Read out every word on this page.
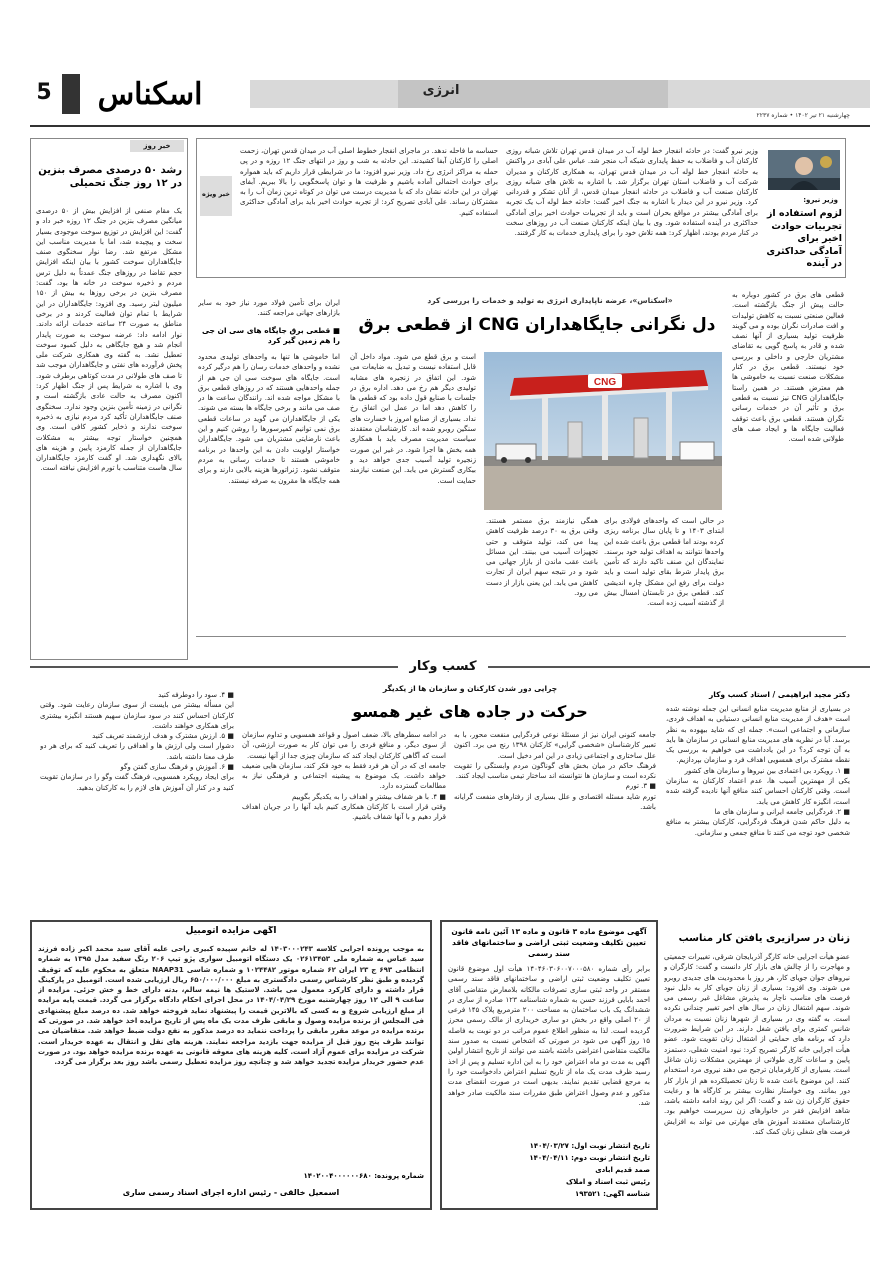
انرژی
اسکناس
5
چهارشنبه ۲۱ تیر ۱۴۰۲ • شماره ۲۲۳۷
خبر روز
رشد ۵۰ درصدی مصرف بنزین در ۱۲ روز جنگ تحمیلی
یک مقام صنفی از افزایش بیش از ۵۰ درصدی میانگین مصرف بنزین در جنگ ۱۲ روزه خبر داد و گفت: این افزایش در توزیع سوخت موجودی بسیار سخت و پیچیده شد، اما با مدیریت مناسب این مشکل مرتفع شد. رضا نوار سخنگوی صنف جایگاهداران سوخت کشور با بیان اینکه افزایش حجم تقاضا در روزهای جنگ عمدتاً به دلیل ترس مردم و ذخیره سوخت در خانه ها بود، گفت: مصرف بنزین در برخی روزها به بیش از ۱۵۰ میلیون لیتر رسید. وی افزود: جایگاهداران در این شرایط با تمام توان فعالیت کردند و در برخی مناطق به صورت ۲۴ ساعته خدمات ارائه دادند. نوار ادامه داد: عرضه سوخت به صورت پایدار انجام شد و هیچ جایگاهی به دلیل کمبود سوخت تعطیل نشد. به گفته وی همکاری شرکت ملی پخش فرآورده های نفتی و جایگاهداران موجب شد تا صف های طولانی در مدت کوتاهی برطرف شود. وی با اشاره به شرایط پس از جنگ اظهار کرد: اکنون مصرف به حالت عادی بازگشته است و نگرانی در زمینه تأمین بنزین وجود ندارد. سخنگوی صنف جایگاهداران تأکید کرد مردم نیازی به ذخیره سوخت ندارند و ذخایر کشور کافی است. وی همچنین خواستار توجه بیشتر به مشکلات جایگاهداران از جمله کارمزد پایین و هزینه های بالای نگهداری شد. او گفت کارمزد جایگاهداران سال هاست متناسب با تورم افزایش نیافته است.
وزیر نیرو:
لزوم استفاده از تجربیات حوادث اخیر برای آمادگی حداکثری در آینده
وزیر نیرو گفت: در حادثه انفجار خط لوله آب در میدان قدس تهران تلاش شبانه روزی کارکنان آب و فاضلاب به حفظ پایداری شبکه آب منجر شد. عباس علی آبادی در واکنش به حادثه انفجار خط لوله آب در میدان قدس تهران، به همکاری کارکنان و مدیران شرکت آب و فاضلاب استان تهران برگزار شد. با اشاره به تلاش های شبانه روزی کارکنان صنعت آب و فاضلاب در حادثه انفجار میدان قدس، از آنان تشکر و قدردانی کرد. وزیر نیرو در این دیدار با اشاره به جنگ اخیر گفت: حادثه خط لوله آب یک تجربه برای آمادگی بیشتر در مواقع بحران است و باید از تجربیات حوادث اخیر برای آمادگی حداکثری در آینده استفاده شود. وی با بیان اینکه کارکنان صنعت آب در روزهای سخت در کنار مردم بودند، اظهار کرد: همه تلاش خود را برای پایداری خدمات به کار گرفتند.
حساسه ما فاحله ندهد. در ماجرای انفجار خطوط اصلی آب در میدان قدس تهران، زحمت اصلی را کارکنان آبفا کشیدند. این حادثه به شب و روز در انتهای جنگ ۱۲ روزه و در پی حمله به مراکز انرژی رخ داد. وزیر نیرو افزود: ما در شرایطی قرار داریم که باید همواره برای حوادث احتمالی آماده باشیم و ظرفیت ها و توان پاسخگویی را بالا ببریم. آبفای تهران در این حادثه نشان داد که با مدیریت درست می توان در کوتاه ترین زمان آب را به مشترکان رساند. علی آبادی تصریح کرد: از تجربه حوادث اخیر باید برای آمادگی حداکثری استفاده کنیم.
خبر ویژه
قطعی های برق در کشور دوباره به حالت پیش از جنگ بازگشته است. فعالین صنعتی نسبت به کاهش تولیدات و افت صادرات نگران بوده و می گویند ظرفیت تولید بسیاری از آنها نصف شده و قادر به پاسخ گویی به تقاضای مشتریان خارجی و داخلی و بررسی خود نیستند. قطعی برق در کنار مشکلات صنعت نسبت به خاموشی ها هم معترض هستند. در همین راستا جایگاهداران CNG نیز نسبت به قطعی برق و تأثیر آن در خدمات رسانی نگران هستند. قطعی برق باعث توقف فعالیت جایگاه ها و ایجاد صف های طولانی شده است.
«اسکناس»، عرضه ناپایداری انرژی به تولید و خدمات را بررسی کرد
دل نگرانی جایگاهداران CNG از قطعی برق
CNG
در حالی است که واحدهای فولادی برای ابتدای ۱۴۰۳ و تا پایان سال برنامه ریزی کرده بودند اما قطعی برق باعث شده این واحدها نتوانند به اهداف تولید خود برسند. نمایندگان این صنف تاکید دارند که تأمین برق پایدار شرط بقای تولید است و باید دولت برای رفع این مشکل چاره اندیشی کند. قطعی برق در تابستان امسال بیش از گذشته آسیب زده است.
همگی نیازمند برق مستمر هستند. وقتی برق به ۳۰ درصد ظرفیت کاهش پیدا می کند، تولید متوقف و حتی تجهیزات آسیب می بینند. این مسائل باعث عقب ماندن از بازار جهانی می شود و در نتیجه سهم ایران از تجارت کاهش می یابد. این یعنی بازار از دست می رود.
است و برق قطع می شود. مواد داخل آن قابل استفاده نیست و تبدیل به ضایعات می شود. این اتفاق در زنجیره های مشابه تولیدی دیگر هم رخ می دهد. اداره برق در جلسات با صنایع قول داده بود که قطعی ها را کاهش دهد اما در عمل این اتفاق رخ نداد. بسیاری از صنایع امروز با خسارت های سنگین روبرو شده اند. کارشناسان معتقدند سیاست مدیریت مصرف باید با همکاری همه بخش ها اجرا شود. در غیر این صورت زنجیره تولید آسیب جدی خواهد دید و بیکاری گسترش می یابد. این صنعت نیازمند حمایت است.
ایران برای تأمین فولاد مورد نیاز خود به سایر بازارهای جهانی مراجعه کنند.
■ قطعی برق جایگاه های سی ان جی را هم زمین گیر کرد
اما خاموشی ها تنها به واحدهای تولیدی محدود نشده و واحدهای خدمات رسان را هم درگیر کرده است. جایگاه های سوخت سی ان جی هم از جمله واحدهایی هستند که در روزهای قطعی برق با مشکل مواجه شده اند. رانندگان ساعت ها در صف می مانند و برخی جایگاه ها بسته می شوند. یکی از جایگاهداران می گوید در ساعات قطعی برق نمی توانیم کمپرسورها را روشن کنیم و این باعث نارضایتی مشتریان می شود. جایگاهداران خواستار اولویت دادن به این واحدها در برنامه خاموشی هستند تا خدمات رسانی به مردم متوقف نشود. ژنراتورها هزینه بالایی دارند و برای همه جایگاه ها مقرون به صرفه نیستند.
کسب وکار
دکتر مجید ابراهیمی / استاد کسب وکار
در بسیاری از منابع مدیریت منابع انسانی این جمله نوشته شده است «هدف از مدیریت منابع انسانی دستیابی به اهداف فردی، سازمانی و اجتماعی است». جمله ای که شاید بیهوده به نظر برسد. آیا در نظریه های مدیریت منابع انسانی در سازمان ها باید به آن توجه کرد؟ در این یادداشت می خواهیم به بررسی یک نقطه مشترک برای همسویی اهداف فرد و سازمان بپردازیم.
■ ۱. رویکرد بی اعتمادی بین نیروها و سازمان های کشور
یکی از مهمترین آسیب ها، عدم اعتماد کارکنان به سازمان است. وقتی کارکنان احساس کنند منافع آنها نادیده گرفته شده است، انگیزه کار کاهش می یابد.
■ ۲. فردگرایی جامعه ایرانی و سازمان های ما
به دلیل حاکم شدن فرهنگ فردگرایی، کارکنان بیشتر به منافع شخصی خود توجه می کنند تا منافع جمعی و سازمانی.
چرایی دور شدن کارکنان و سازمان ها از یکدیگر
حرکت در جاده های غیر همسو
جامعه کنونی ایران نیز از مسئلهٔ نوعی فردگرایی منفعت محور، با به تعبیر کارشناسان «شخصی گرایی» کارکنان ۱۳۹۸ رنج می برد. اکنون علل ساختاری و اجتماعی زیادی در این امر دخیل است.
فرهنگ حاکم در میان بخش های گوناگون مردم وابستگی را تقویت نکرده است و سازمان ها نتوانسته اند ساختار تیمی مناسب ایجاد کنند.
■ ۳. تورم
تورم شاید مسئله اقتصادی و علل بسیاری از رفتارهای منفعت گرایانه باشد.
در ادامه سطرهای بالا، ضعف اصول و قواعد همسویی و تداوم سازمان از سوی دیگر، و منافع فردی را می توان کار به صورت ارزشی، آن است که آگاهی کارکنان ایجاد کند که سازمان چیزی جدا از آنها نیست.
جامعه ای که در آن هر فرد فقط به خود فکر کند، سازمان هایی ضعیف خواهد داشت. یک موضوع به پیشینه اجتماعی و فرهنگی نیاز به مطالعات گسترده دارد.
■ ۴. با هر شفاف بیشتر و اهداف را به یکدیگر بگوییم
وقتی قرار است با کارکنان همکاری کنیم باید آنها را در جریان اهداف قرار دهیم و با آنها شفاف باشیم.
■ ۴. سود را دوطرفه کنید
این مسأله بیشتر می بایست از سوی سازمان رعایت شود. وقتی کارکنان احساس کنند در سود سازمان سهیم هستند انگیزه بیشتری برای همکاری خواهند داشت.
■ ۵. ارزش مشترک و هدف ارزشمند تعریف کنید
دشوار است ولی ارزش ها و اهدافی را تعریف کنید که برای هر دو طرف معنا داشته باشد.
■ ۶. آموزش و فرهنگ سازی گفتن وگو
برای ایجاد رویکرد همسویی، فرهنگ گفت وگو را در سازمان تقویت کنید و در کنار آن آموزش های لازم را به کارکنان بدهید.
زنان در سرازیری یافتن کار مناسب
عضو هیأت اجرایی خانه کارگر آذربایجان شرقی، تغییرات جمعیتی و مهاجرت را از چالش های بازار کار دانست و گفت: کارگران و نیروهای جوان جویای کار، هر روز با محدودیت های جدیدی روبرو می شوند. وی افزود: بسیاری از زنان جویای کار به دلیل نبود فرصت های مناسب ناچار به پذیرش مشاغل غیر رسمی می شوند. سهم اشتغال زنان در سال های اخیر تغییر چندانی نکرده است. به گفته وی در بسیاری از شهرها زنان نسبت به مردان شانس کمتری برای یافتن شغل دارند. در این شرایط ضرورت دارد که برنامه های حمایتی از اشتغال زنان تقویت شود. عضو هیأت اجرایی خانه کارگر تصریح کرد: نبود امنیت شغلی، دستمزد پایین و ساعات کاری طولانی از مهمترین مشکلات زنان شاغل است. بسیاری از کارفرمایان ترجیح می دهند نیروی مرد استخدام کنند. این موضوع باعث شده تا زنان تحصیلکرده هم از بازار کار دور بمانند. وی خواستار نظارت بیشتر بر کارگاه ها و رعایت حقوق کارگران زن شد و گفت: اگر این روند ادامه داشته باشد، شاهد افزایش فقر در خانوارهای زن سرپرست خواهیم بود. کارشناسان معتقدند آموزش های مهارتی می تواند به افزایش فرصت های شغلی زنان کمک کند.
آگهی موضوع ماده ۳ قانون و ماده ۱۳ آئین نامه قانون تعیین تکلیف وضعیت ثبتی اراضی و ساختمانهای فاقد سند رسمی
برابر رأی شماره ۱۴۰۴۶۰۳۰۶۰۰۷۰۰۰۵۸۰ هیأت اول موضوع قانون تعیین تکلیف وضعیت ثبتی اراضی و ساختمانهای فاقد سند رسمی مستقر در واحد ثبتی ساری تصرفات مالکانه بلامعارض متقاضی آقای احمد بابایی فرزند حسن به شماره شناسنامه ۱۲۳ صادره از ساری در ششدانگ یک باب ساختمان به مساحت ۲۰۰ مترمربع پلاک ۱۴۵ فرعی از ۲۰ اصلی واقع در بخش دو ساری خریداری از مالک رسمی محرز گردیده است. لذا به منظور اطلاع عموم مراتب در دو نوبت به فاصله ۱۵ روز آگهی می شود در صورتی که اشخاص نسبت به صدور سند مالکیت متقاضی اعتراضی داشته باشند می توانند از تاریخ انتشار اولین آگهی به مدت دو ماه اعتراض خود را به این اداره تسلیم و پس از اخذ رسید ظرف مدت یک ماه از تاریخ تسلیم اعتراض دادخواست خود را به مرجع قضایی تقدیم نمایند. بدیهی است در صورت انقضای مدت مذکور و عدم وصول اعتراض طبق مقررات سند مالکیت صادر خواهد شد.
تاریخ انتشار نوبت اول: ۱۴۰۴/۰۳/۲۷
تاریخ انتشار نوبت دوم: ۱۴۰۴/۰۴/۱۱
صمد قدیم آبادی
رئیس ثبت اسناد و املاک
شناسه آگهی: ۱۹۳۵۲۱
آگهی مزایده اتومبیل
به موجب پرونده اجرایی کلاسه ۱۴۰۳۰۰۰۲۴۳ له خانم سپیده کبیری راحی علیه آقای سید محمد اکبر زاده فرزند سید عباس به شماره ملی ۰۲۶۱۳۴۵۳ یک دستگاه اتومبیل سواری پژو تیپ ۲۰۶ رنگ سفید مدل ۱۳۹۵ به شماره انتظامی ۶۹۳ ج ۲۳ ایران ۶۲ شماره موتور ۱۰۲۴۴۸۲ و شماره شاسی NAAP31 متعلق به محکوم علیه که توقیف گردیده و طبق نظر کارشناس رسمی دادگستری به مبلغ ۶۵۰/۰۰۰/۰۰۰ ریال ارزیابی شده است. اتومبیل در پارکینگ قرار داشته و دارای کارکرد معمول می باشد. لاستیک ها نیمه سالم، بدنه دارای خط و خش جزئی. مزایده از ساعت ۹ الی ۱۲ روز چهارشنبه مورخ ۱۴۰۴/۰۴/۲۹ در محل اجرای احکام دادگاه برگزار می گردد. قیمت پایه مزایده از مبلغ ارزیابی شروع و به کسی که بالاترین قیمت را پیشنهاد نماید فروخته خواهد شد. ده درصد مبلغ پیشنهادی فی المجلس از برنده مزایده وصول و مابقی ظرف مدت یک ماه پس از تاریخ مزایده اخذ خواهد شد. در صورتی که برنده مزایده در موعد مقرر مابقی را پرداخت ننماید ده درصد مذکور به نفع دولت ضبط خواهد شد. متقاضیان می توانند ظرف پنج روز قبل از مزایده جهت بازدید مراجعه نمایند. هزینه های نقل و انتقال به عهده خریدار است. شرکت در مزایده برای عموم آزاد است. کلیه هزینه های معوقه قانونی به عهده برنده مزایده خواهد بود. در صورت عدم حضور خریدار مزایده تجدید خواهد شد و چنانچه روز مزایده تعطیل رسمی باشد روز بعد برگزار می گردد.
شماره پرونده: ۱۴۰۲۰۰۴۰۰۰۰۰۰۶۸۰
اسمعیل خالقی - رئیس اداره اجرای اسناد رسمی ساری
